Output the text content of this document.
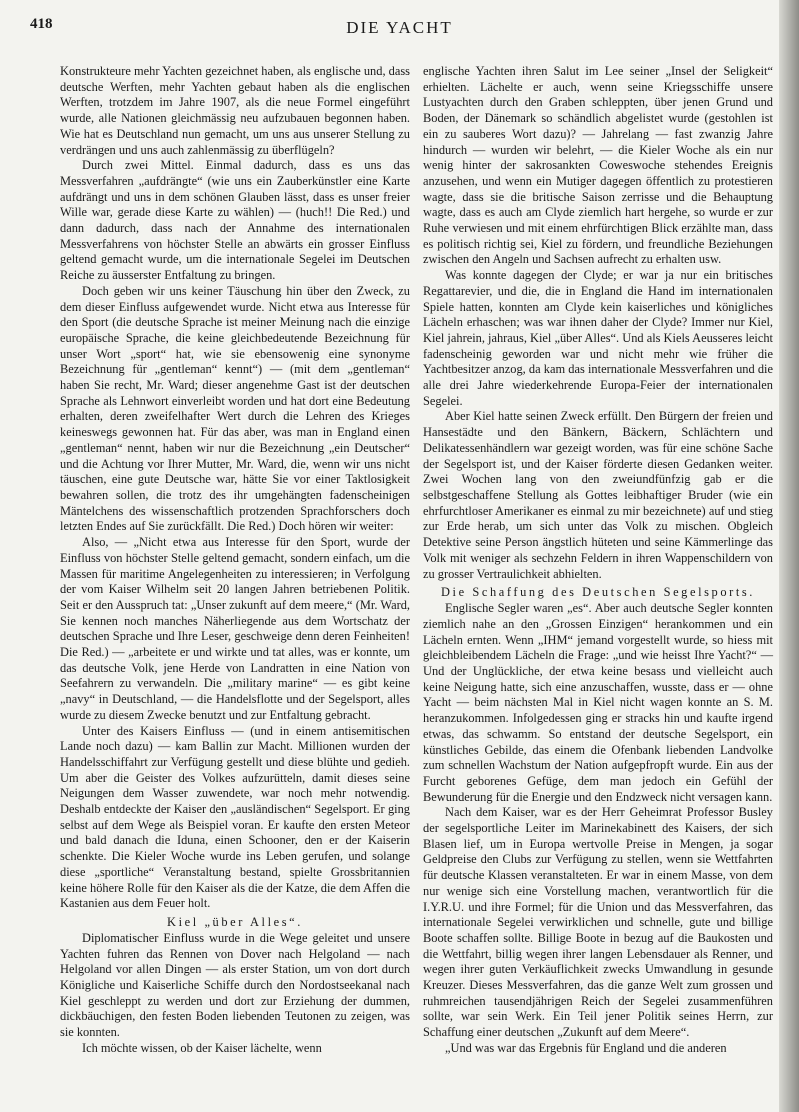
418	DIE YACHT

Konstrukteure mehr Yachten gezeichnet haben, als englische und, dass deutsche Werften, mehr Yachten gebaut haben als die englischen Werften, trotzdem im Jahre 1907, als die neue Formel eingeführt wurde, alle Nationen gleichmässig neu aufzubauen begonnen haben. Wie hat es Deutschland nun gemacht, um uns aus unserer Stellung zu verdrängen und uns auch zahlenmässig zu überflügeln?

Durch zwei Mittel. Einmal dadurch, dass es uns das Messverfahren „aufdrängte“ (wie uns ein Zauberkünstler eine Karte aufdrängt und uns in dem schönen Glauben lässt, dass es unser freier Wille war, gerade diese Karte zu wählen) — (huch!! Die Red.) und dann dadurch, dass nach der Annahme des internationalen Messverfahrens von höchster Stelle an abwärts ein grosser Einfluss geltend gemacht wurde, um die internationale Segelei im Deutschen Reiche zu äusserster Entfaltung zu bringen.

Doch geben wir uns keiner Täuschung hin über den Zweck, zu dem dieser Einfluss aufgewendet wurde. Nicht etwa aus Interesse für den Sport (die deutsche Sprache ist meiner Meinung nach die einzige europäische Sprache, die keine gleichbedeutende Bezeichnung für unser Wort „sport“ hat, wie sie ebensowenig eine synonyme Bezeichnung für „gentleman“ kennt“) — (mit dem „gentleman“ haben Sie recht, Mr. Ward; dieser angenehme Gast ist der deutschen Sprache als Lehnwort einverleibt worden und hat dort eine Bedeutung erhalten, deren zweifelhafter Wert durch die Lehren des Krieges keineswegs gewonnen hat. Für das aber, was man in England einen „gentleman“ nennt, haben wir nur die Bezeichnung „ein Deutscher“ und die Achtung vor Ihrer Mutter, Mr. Ward, die, wenn wir uns nicht täuschen, eine gute Deutsche war, hätte Sie vor einer Taktlosigkeit bewahren sollen, die trotz des ihr umgehängten fadenscheinigen Mäntelchens des wissenschaftlich protzenden Sprachforschers doch letzten Endes auf Sie zurückfällt. Die Red.) Doch hören wir weiter:

Also, — „Nicht etwa aus Interesse für den Sport, wurde der Einfluss von höchster Stelle geltend gemacht, sondern einfach, um die Massen für maritime Angelegenheiten zu interessieren; in Verfolgung der vom Kaiser Wilhelm seit 20 langen Jahren betriebenen Politik. Seit er den Ausspruch tat: „Unser zukunft auf dem meere,“ (Mr. Ward, Sie kennen noch manches Näherliegende aus dem Wortschatz der deutschen Sprache und Ihre Leser, geschweige denn deren Feinheiten! Die Red.) — „arbeitete er und wirkte und tat alles, was er konnte, um das deutsche Volk, jene Herde von Landratten in eine Nation von Seefahrern zu verwandeln. Die „military marine“ — es gibt keine „navy“ in Deutschland, — die Handelsflotte und der Segelsport, alles wurde zu diesem Zwecke benutzt und zur Entfaltung gebracht.

Unter des Kaisers Einfluss — (und in einem antisemitischen Lande noch dazu) — kam Ballin zur Macht. Millionen wurden der Handelsschiffahrt zur Verfügung gestellt und diese blühte und gedieh. Um aber die Geister des Volkes aufzurütteln, damit dieses seine Neigungen dem Wasser zuwendete, war noch mehr notwendig. Deshalb entdeckte der Kaiser den „ausländischen“ Segelsport. Er ging selbst auf dem Wege als Beispiel voran. Er kaufte den ersten Meteor und bald danach die Iduna, einen Schooner, den er der Kaiserin schenkte. Die Kieler Woche wurde ins Leben gerufen, und solange diese „sportliche“ Veranstaltung bestand, spielte Grossbritannien keine höhere Rolle für den Kaiser als die der Katze, die dem Affen die Kastanien aus dem Feuer holt.

Kiel „über Alles“.

Diplomatischer Einfluss wurde in die Wege geleitet und unsere Yachten fuhren das Rennen von Dover nach Helgoland — nach Helgoland vor allen Dingen — als erster Station, um von dort durch Königliche und Kaiserliche Schiffe durch den Nordostseekanal nach Kiel geschleppt zu werden und dort zur Erziehung der dummen, dickbäuchigen, den festen Boden liebenden Teutonen zu zeigen, was sie konnten.

Ich möchte wissen, ob der Kaiser lächelte, wenn

englische Yachten ihren Salut im Lee seiner „Insel der Seligkeit“ erhielten. Lächelte er auch, wenn seine Kriegsschiffe unsere Lustyachten durch den Graben schleppten, über jenen Grund und Boden, der Dänemark so schändlich abgelistet wurde (gestohlen ist ein zu sauberes Wort dazu)? — Jahrelang — fast zwanzig Jahre hindurch — wurden wir belehrt, — die Kieler Woche als ein nur wenig hinter der sakrosankten Coweswoche stehendes Ereignis anzusehen, und wenn ein Mutiger dagegen öffentlich zu protestieren wagte, dass sie die britische Saison zerrisse und die Behauptung wagte, dass es auch am Clyde ziemlich hart hergehe, so wurde er zur Ruhe verwiesen und mit einem ehrfürchtigen Blick erzählte man, dass es politisch richtig sei, Kiel zu fördern, und freundliche Beziehungen zwischen den Angeln und Sachsen aufrecht zu erhalten usw.

Was konnte dagegen der Clyde; er war ja nur ein britisches Regattarevier, und die, die in England die Hand im internationalen Spiele hatten, konnten am Clyde kein kaiserliches und königliches Lächeln erhaschen; was war ihnen daher der Clyde? Immer nur Kiel, Kiel jahrein, jahraus, Kiel „über Alles“. Und als Kiels Aeusseres leicht fadenscheinig geworden war und nicht mehr wie früher die Yachtbesitzer anzog, da kam das internationale Messverfahren und die alle drei Jahre wiederkehrende Europa-Feier der internationalen Segelei.

Aber Kiel hatte seinen Zweck erfüllt. Den Bürgern der freien und Hansestädte und den Bänkern, Bäckern, Schlächtern und Delikatessenhändlern war gezeigt worden, was für eine schöne Sache der Segelsport ist, und der Kaiser förderte diesen Gedanken weiter. Zwei Wochen lang von den zweiundfünfzig gab er die selbstgeschaffene Stellung als Gottes leibhaftiger Bruder (wie ein ehrfurchtloser Amerikaner es einmal zu mir bezeichnete) auf und stieg zur Erde herab, um sich unter das Volk zu mischen. Obgleich Detektive seine Person ängstlich hüteten und seine Kämmerlinge das Volk mit weniger als sechzehn Feldern in ihren Wappenschildern von zu grosser Vertraulichkeit abhielten.

Die Schaffung des Deutschen Segelsports.

Englische Segler waren „es“. Aber auch deutsche Segler konnten ziemlich nahe an den „Grossen Einzigen“ herankommen und ein Lächeln ernten. Wenn „IHM“ jemand vorgestellt wurde, so hiess mit gleichbleibendem Lächeln die Frage: „und wie heisst Ihre Yacht?“ — Und der Unglückliche, der etwa keine besass und vielleicht auch keine Neigung hatte, sich eine anzuschaffen, wusste, dass er — ohne Yacht — beim nächsten Mal in Kiel nicht wagen konnte an S. M. heranzukommen. Infolgedessen ging er stracks hin und kaufte irgend etwas, das schwamm. So entstand der deutsche Segelsport, ein künstliches Gebilde, das einem die Ofenbank liebenden Landvolke zum schnellen Wachstum der Nation aufgepfropft wurde. Ein aus der Furcht geborenes Gefüge, dem man jedoch ein Gefühl der Bewunderung für die Energie und den Endzweck nicht versagen kann.

Nach dem Kaiser, war es der Herr Geheimrat Professor Busley der segelsportliche Leiter im Marinekabinett des Kaisers, der sich Blasen lief, um in Europa wertvolle Preise in Mengen, ja sogar Geldpreise den Clubs zur Verfügung zu stellen, wenn sie Wettfahrten für deutsche Klassen veranstalteten. Er war in einem Masse, von dem nur wenige sich eine Vorstellung machen, verantwortlich für die I.Y.R.U. und ihre Formel; für die Union und das Messverfahren, das internationale Segelei verwirklichen und schnelle, gute und billige Boote schaffen sollte. Billige Boote in bezug auf die Baukosten und die Wettfahrt, billig wegen ihrer langen Lebensdauer als Renner, und wegen ihrer guten Verkäuflichkeit zwecks Umwandlung in gesunde Kreuzer. Dieses Messverfahren, das die ganze Welt zum grossen und ruhmreichen tausendjährigen Reich der Segelei zusammenführen sollte, war sein Werk. Ein Teil jener Politik seines Herrn, zur Schaffung einer deutschen „Zukunft auf dem Meere“.

„Und was war das Ergebnis für England und die anderen
